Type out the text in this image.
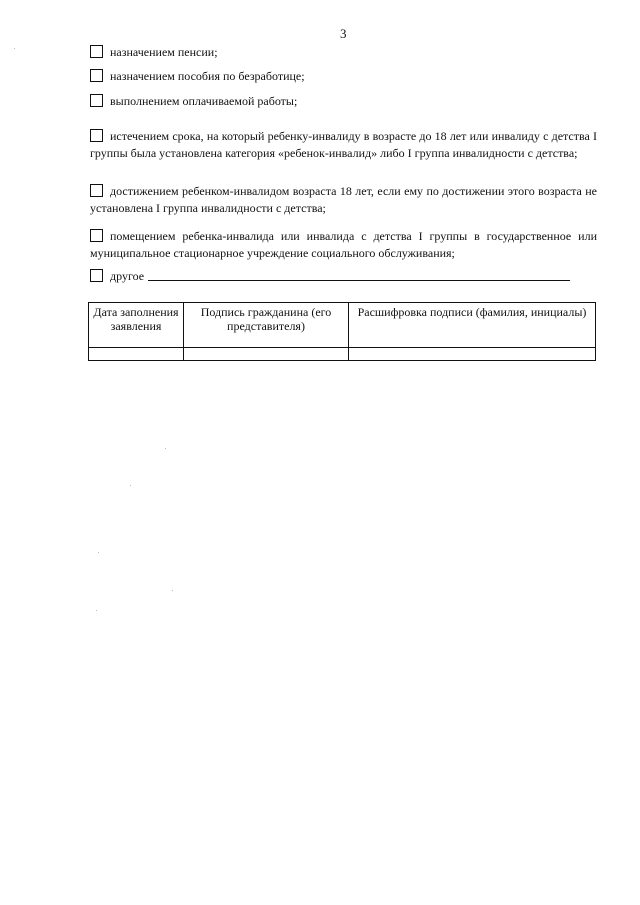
3
назначением пенсии;
назначением пособия по безработице;
выполнением оплачиваемой работы;
истечением срока, на который ребенку-инвалиду в возрасте до 18 лет или инвалиду с детства I группы была установлена категория «ребенок-инвалид» либо I группа инвалидности с детства;
достижением ребенком-инвалидом возраста 18 лет, если ему по достижении этого возраста не установлена I группа инвалидности с детства;
помещением ребенка-инвалида или инвалида с детства I группы в государственное или муниципальное стационарное учреждение социального обслуживания;
другое
Дата заполнения заявления	Подпись гражданина (его представителя)	Расшифровка подписи (фамилия, инициалы)
